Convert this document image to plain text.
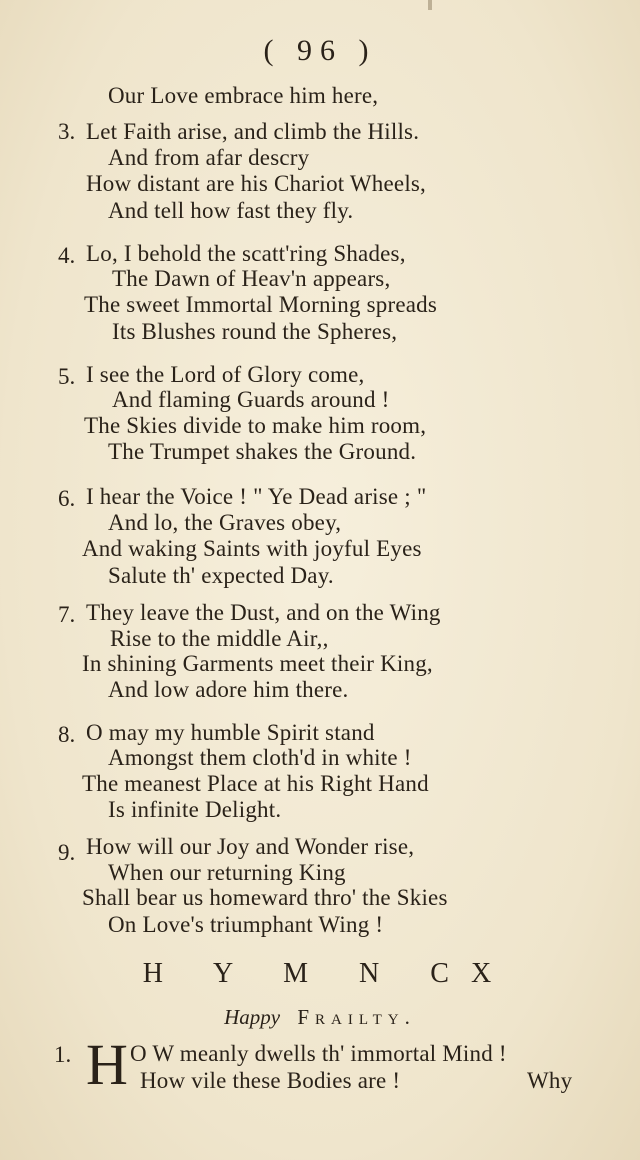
( 96 )
Our Love embrace him here,
3. Let Faith arise, and climb the Hills.
And from afar descry
How distant are his Chariot Wheels,
And tell how fast they fly.
4. Lo, I behold the scatt'ring Shades,
The Dawn of Heav'n appears,
The sweet Immortal Morning spreads
Its Blushes round the Spheres,
5. I see the Lord of Glory come,
And flaming Guards around !
The Skies divide to make him room,
The Trumpet shakes the Ground.
6. I hear the Voice ! " Ye Dead arise ; "
And lo, the Graves obey,
And waking Saints with joyful Eyes
Salute th' expected Day.
7. They leave the Dust, and on the Wing
Rise to the middle Air,,
In shining Garments meet their King,
And low adore him there.
8. O may my humble Spirit stand
Amongst them cloth'd in white !
The meanest Place at his Right Hand
Is infinite Delight.
9. How will our Joy and Wonder rise,
When our returning King
Shall bear us homeward thro' the Skies
On Love's triumphant Wing !
H Y M N CX
Happy Frailty.
1. H O W meanly dwells th' immortal Mind !
How vile these Bodies are !	Why
